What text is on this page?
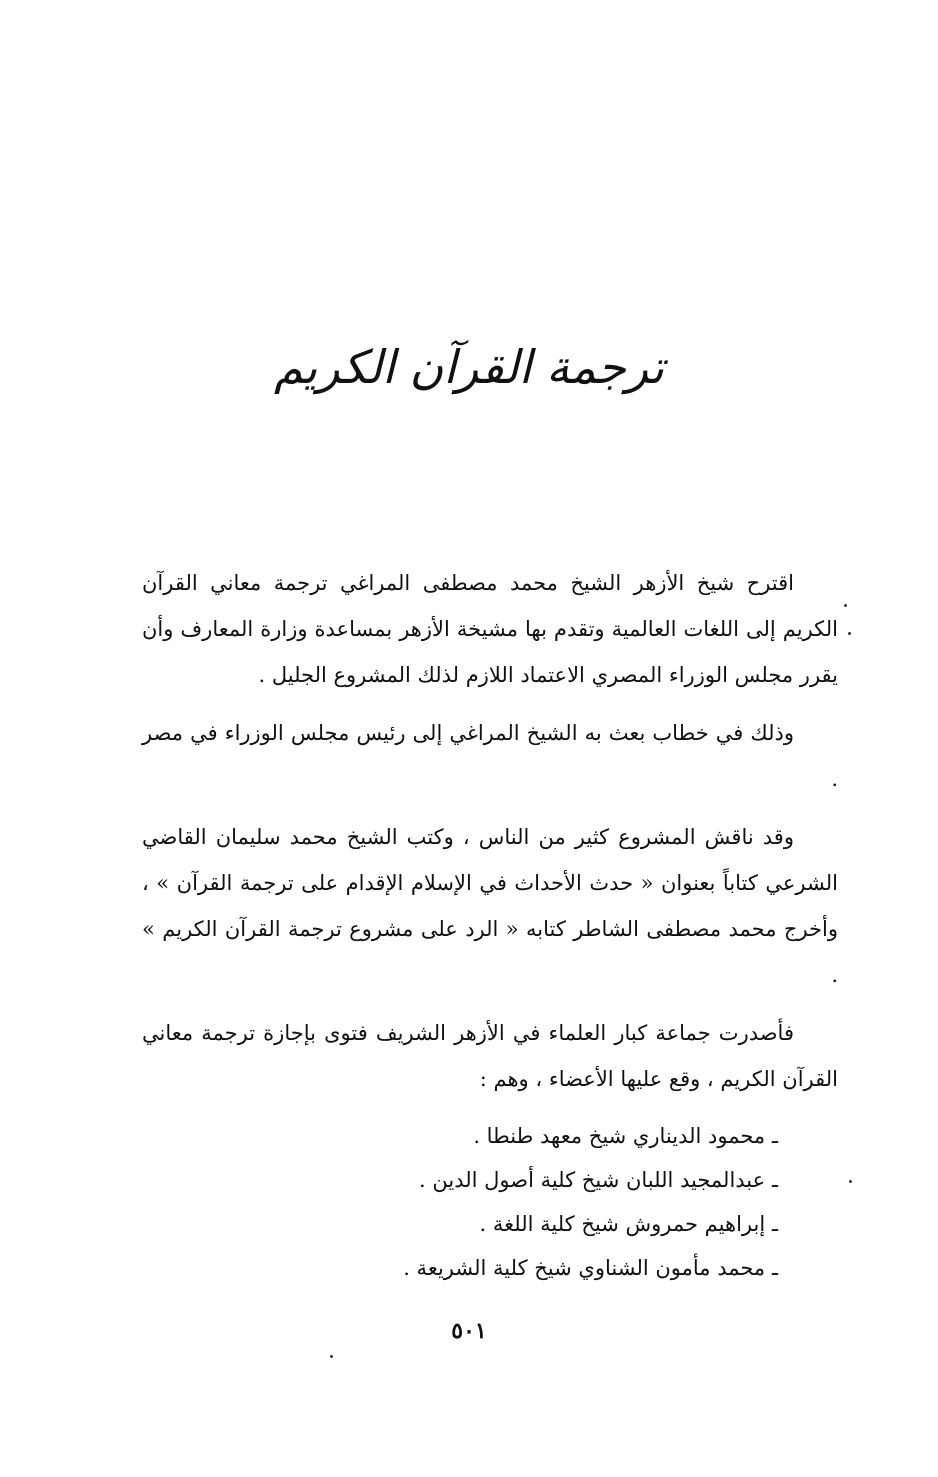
ترجمة القرآن الكريم

اقترح شيخ الأزهر الشيخ محمد مصطفى المراغي ترجمة معاني القرآن الكريم إلى اللغات العالمية وتقدم بها مشيخة الأزهر بمساعدة وزارة المعارف وأن يقرر مجلس الوزراء المصري الاعتماد اللازم لذلك المشروع الجليل .

وذلك في خطاب بعث به الشيخ المراغي إلى رئيس مجلس الوزراء في مصر .

وقد ناقش المشروع كثير من الناس ، وكتب الشيخ محمد سليمان القاضي الشرعي كتاباً بعنوان « حدث الأحداث في الإسلام الإقدام على ترجمة القرآن » ، وأخرج محمد مصطفى الشاطر كتابه « الرد على مشروع ترجمة القرآن الكريم » .

فأصدرت جماعة كبار العلماء في الأزهر الشريف فتوى بإجازة ترجمة معاني القرآن الكريم ، وقع عليها الأعضاء ، وهم :

ـ محمود الديناري شيخ معهد طنطا .
ـ عبدالمجيد اللبان شيخ كلية أصول الدين .
ـ إبراهيم حمروش شيخ كلية اللغة .
ـ محمد مأمون الشناوي شيخ كلية الشريعة .
٥٠١
